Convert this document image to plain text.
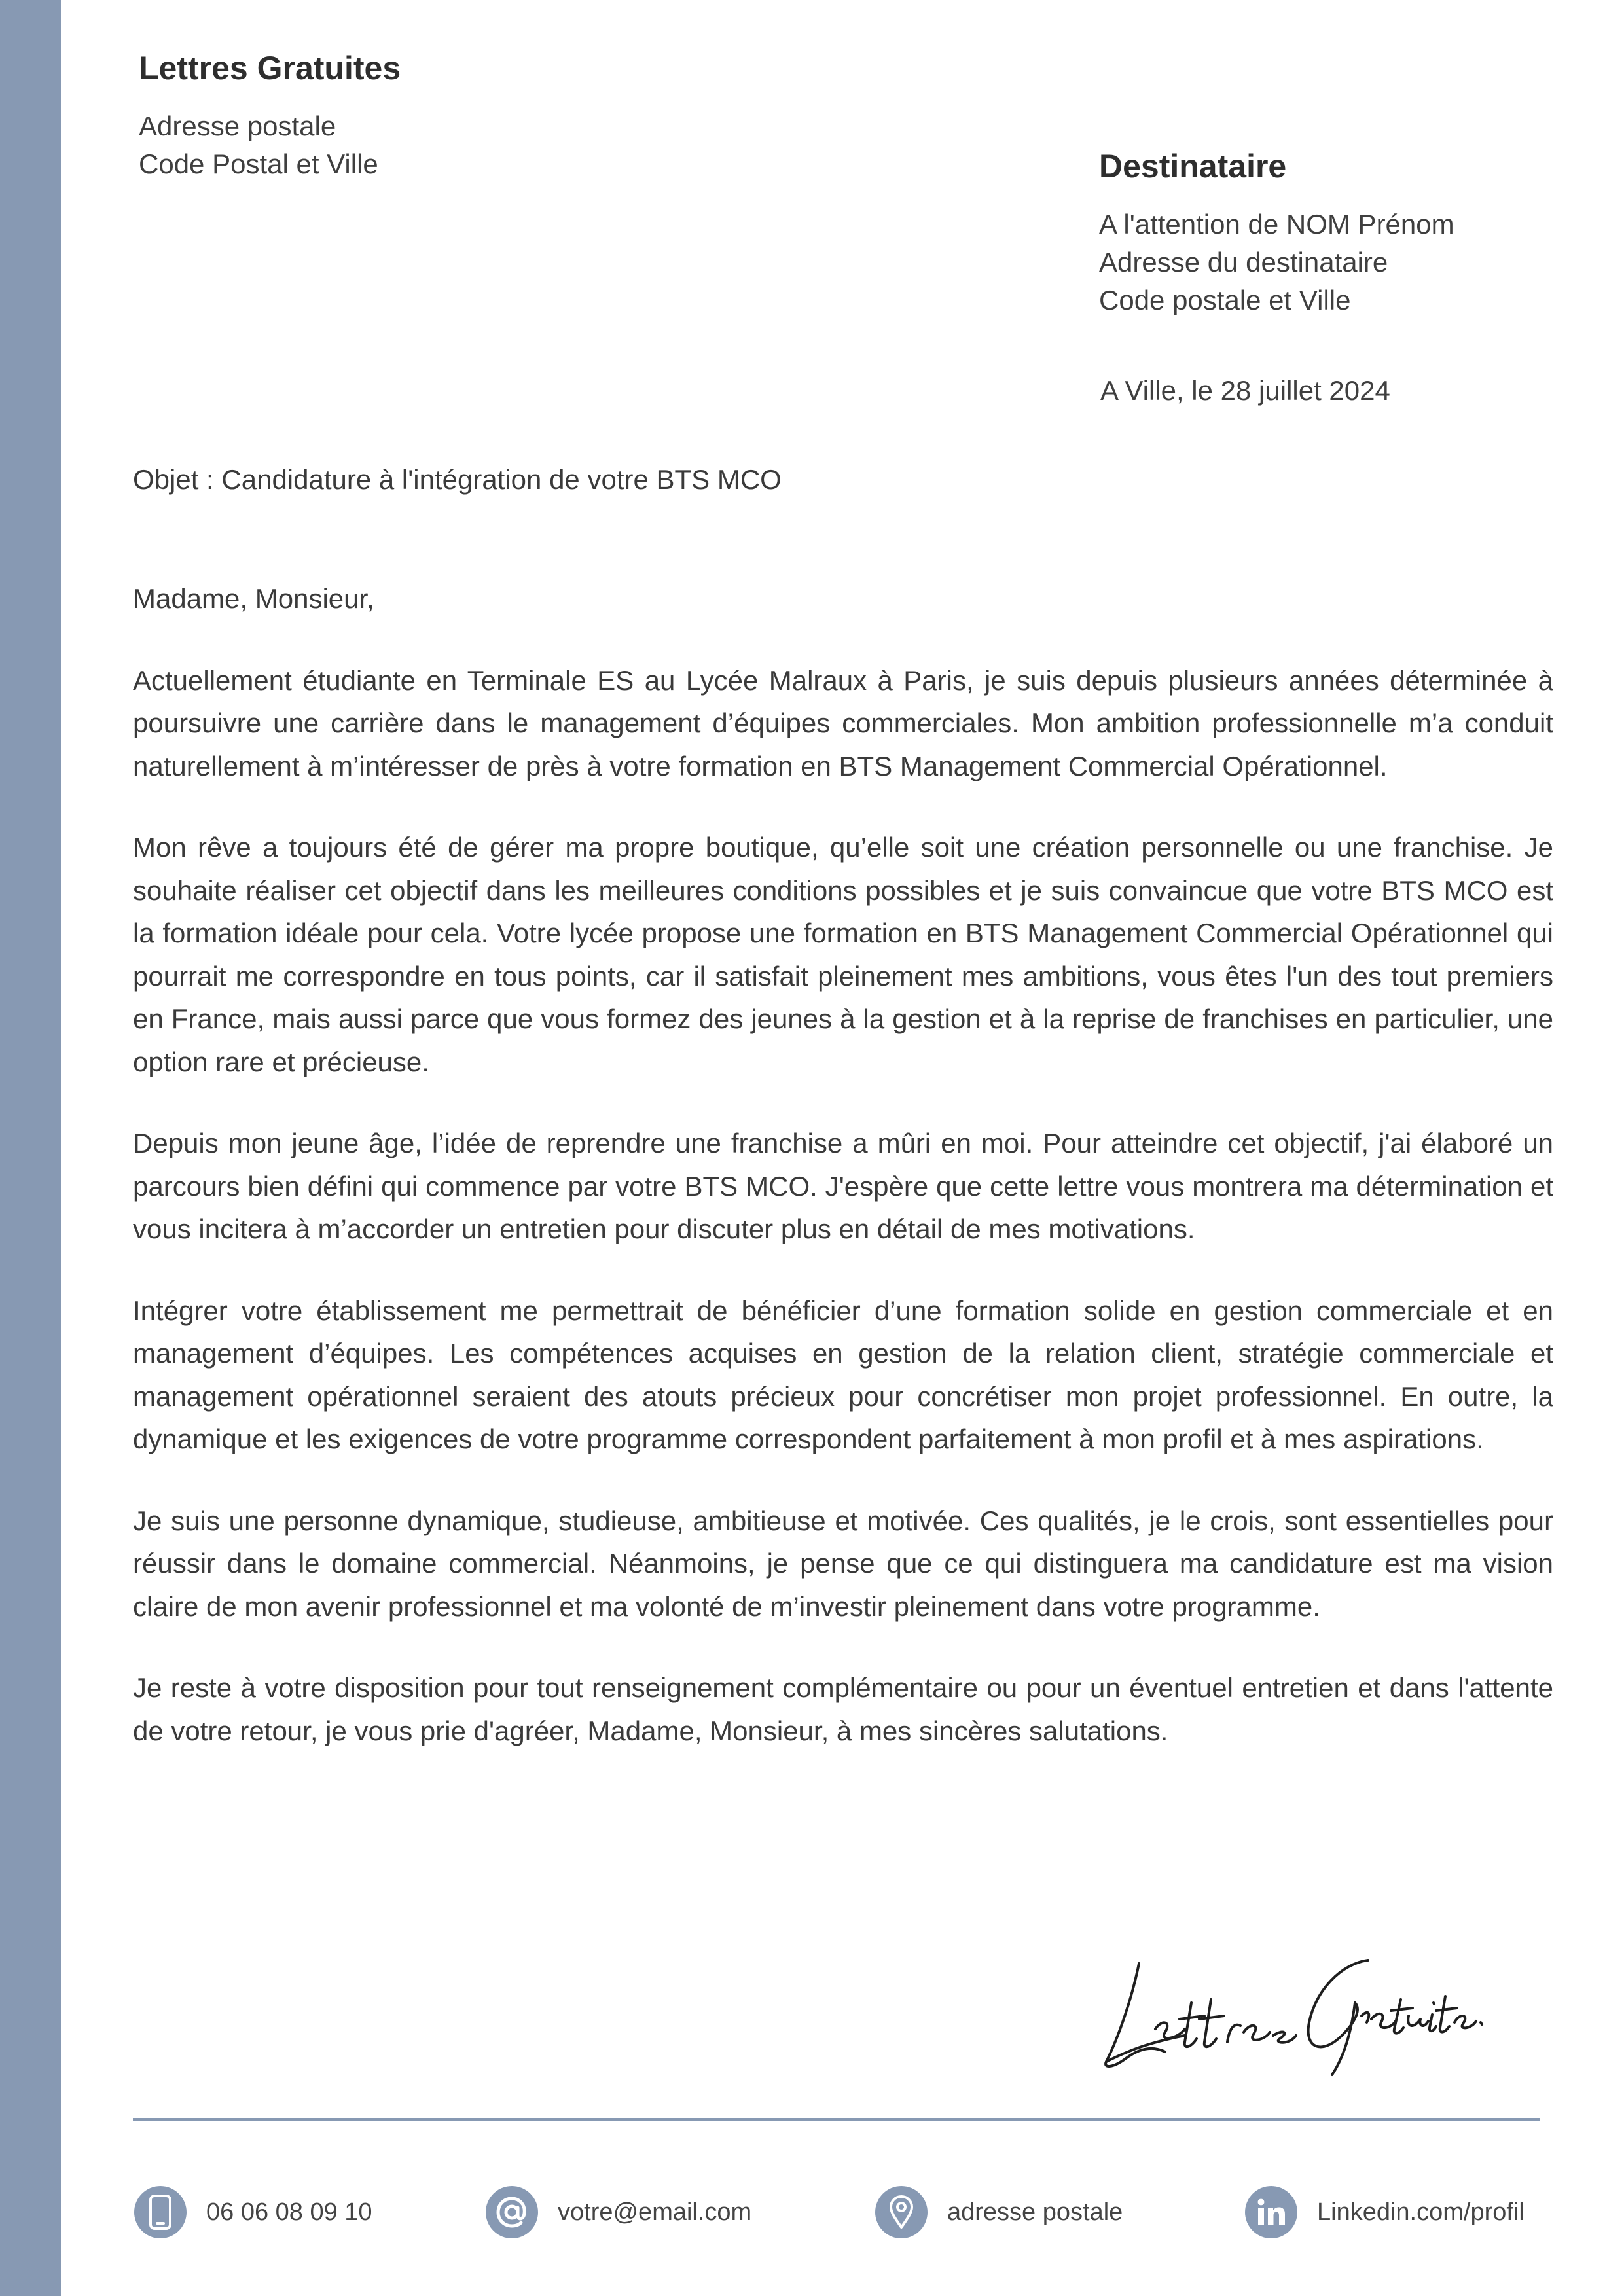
Lettres Gratuites
Adresse postale
Code Postal et Ville	Destinataire
A l'attention de NOM Prénom
Adresse du destinataire
Code postale et Ville
A Ville, le 28 juillet 2024
Objet : Candidature à l'intégration de votre BTS MCO

Madame, Monsieur,

Actuellement étudiante en Terminale ES au Lycée Malraux à Paris, je suis depuis plusieurs années déterminée à poursuivre une carrière dans le management d’équipes commerciales. Mon ambition professionnelle m’a conduit naturellement à m’intéresser de près à votre formation en BTS Management Commercial Opérationnel.

Mon rêve a toujours été de gérer ma propre boutique, qu’elle soit une création personnelle ou une franchise. Je souhaite réaliser cet objectif dans les meilleures conditions possibles et je suis convaincue que votre BTS MCO est la formation idéale pour cela. Votre lycée propose une formation en BTS Management Commercial Opérationnel qui pourrait me correspondre en tous points, car il satisfait pleinement mes ambitions, vous êtes l'un des tout premiers en France, mais aussi parce que vous formez des jeunes à la gestion et à la reprise de franchises en particulier, une option rare et précieuse.

Depuis mon jeune âge, l’idée de reprendre une franchise a mûri en moi. Pour atteindre cet objectif, j'ai élaboré un parcours bien défini qui commence par votre BTS MCO. J'espère que cette lettre vous montrera ma détermination et vous incitera à m’accorder un entretien pour discuter plus en détail de mes motivations.

Intégrer votre établissement me permettrait de bénéficier d’une formation solide en gestion commerciale et en management d’équipes. Les compétences acquises en gestion de la relation client, stratégie commerciale et management opérationnel seraient des atouts précieux pour concrétiser mon projet professionnel. En outre, la dynamique et les exigences de votre programme correspondent parfaitement à mon profil et à mes aspirations.

Je suis une personne dynamique, studieuse, ambitieuse et motivée. Ces qualités, je le crois, sont essentielles pour réussir dans le domaine commercial. Néanmoins, je pense que ce qui distinguera ma candidature est ma vision claire de mon avenir professionnel et ma volonté de m’investir pleinement dans votre programme.

Je reste à votre disposition pour tout renseignement complémentaire ou pour un éventuel entretien et dans l'attente de votre retour, je vous prie d'agréer, Madame, Monsieur, à mes sincères salutations.

06 06 08 09 10	votre@email.com	adresse postale	Linkedin.com/profil
